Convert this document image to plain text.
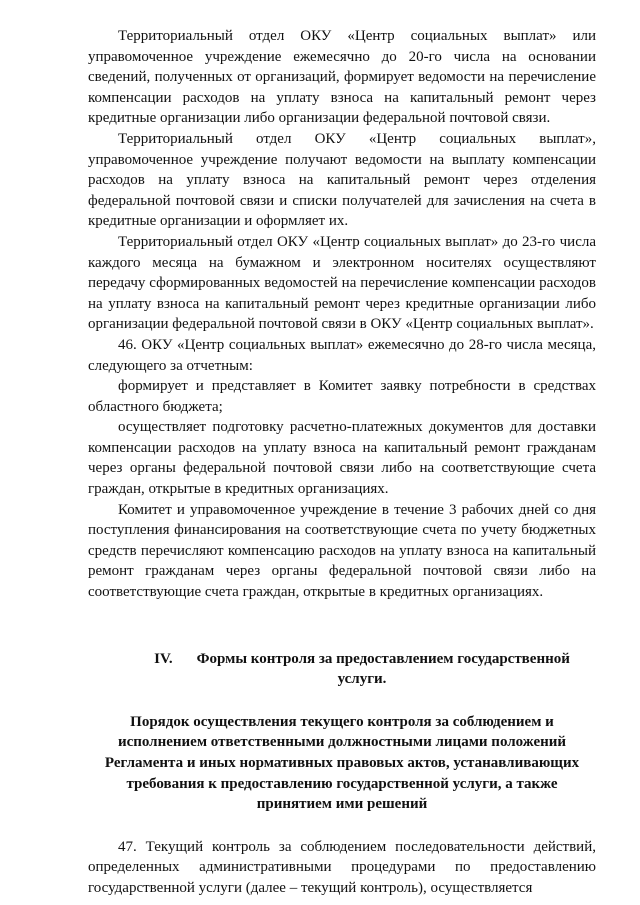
Территориальный отдел ОКУ «Центр социальных выплат» или управомоченное учреждение ежемесячно до 20-го числа на основании сведений, полученных от организаций, формирует ведомости на перечисление компенсации расходов на уплату взноса на капитальный ремонт через кредитные организации либо организации федеральной почтовой связи.

Территориальный отдел ОКУ «Центр социальных выплат», управомоченное учреждение получают ведомости на выплату компенсации расходов на уплату взноса на капитальный ремонт через отделения федеральной почтовой связи и списки получателей для зачисления на счета в кредитные организации и оформляет их.

Территориальный отдел ОКУ «Центр социальных выплат» до 23-го числа каждого месяца на бумажном и электронном носителях осуществляют передачу сформированных ведомостей на перечисление компенсации расходов на уплату взноса на капитальный ремонт через кредитные организации либо организации федеральной почтовой связи в ОКУ «Центр социальных выплат».

46. ОКУ «Центр социальных выплат» ежемесячно до 28-го числа месяца, следующего за отчетным:

формирует и представляет в Комитет заявку потребности в средствах областного бюджета;

осуществляет подготовку расчетно-платежных документов для доставки компенсации расходов на уплату взноса на капитальный ремонт гражданам через органы федеральной почтовой связи либо на соответствующие счета граждан, открытые в кредитных организациях.

Комитет и управомоченное учреждение в течение 3 рабочих дней со дня поступления финансирования на соответствующие счета по учету бюджетных средств перечисляют компенсацию расходов на уплату взноса на капитальный ремонт гражданам через органы федеральной почтовой связи либо на соответствующие счета граждан, открытые в кредитных организациях.

IV. Формы контроля за предоставлением государственной услуги.
Порядок осуществления текущего контроля за соблюдением и исполнением ответственными должностными лицами положений Регламента и иных нормативных правовых актов, устанавливающих требования к предоставлению государственной услуги, а также принятием ими решений

47. Текущий контроль за соблюдением последовательности действий, определенных административными процедурами по предоставлению государственной услуги (далее – текущий контроль), осуществляется
